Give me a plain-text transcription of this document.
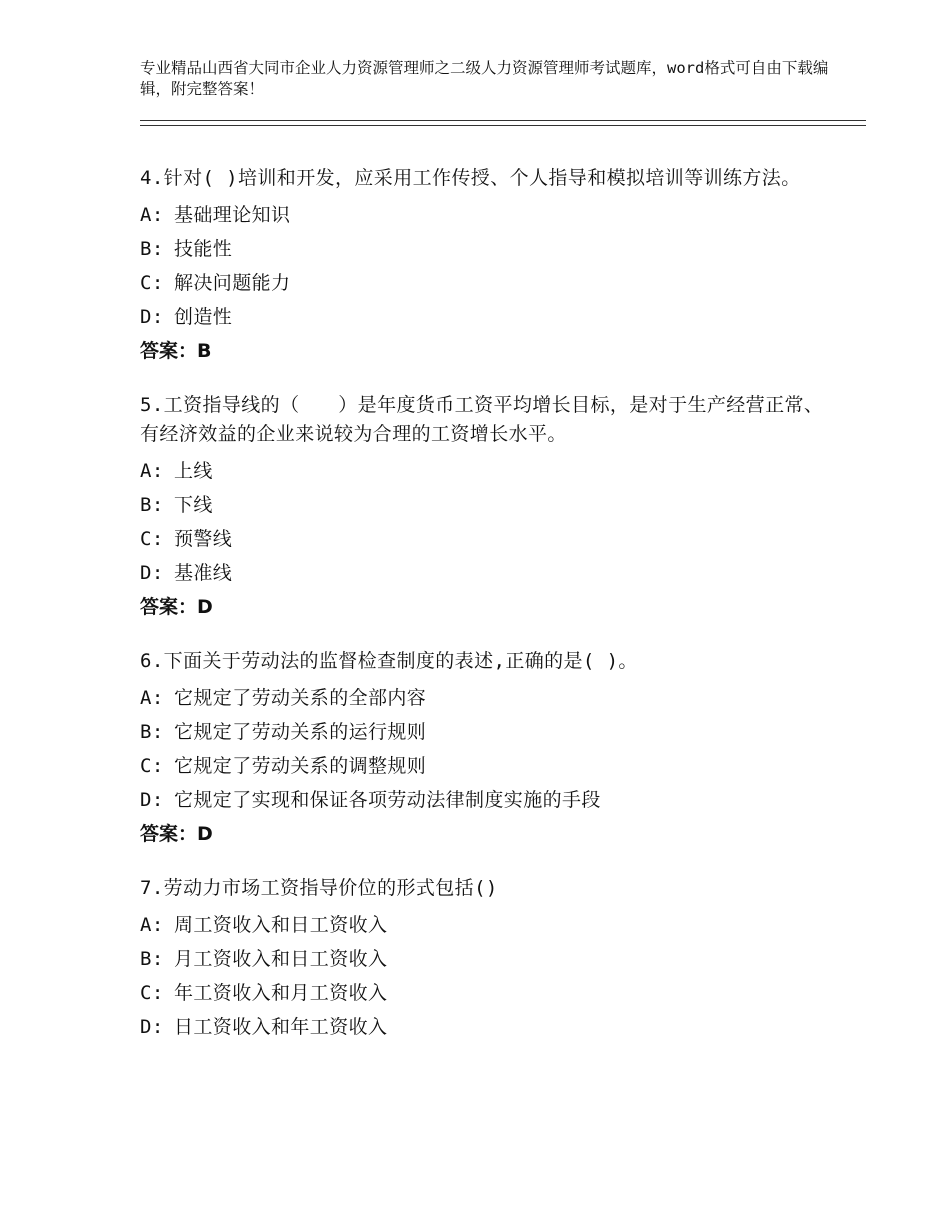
专业精品山西省大同市企业人力资源管理师之二级人力资源管理师考试题库，word格式可自由下载编辑，附完整答案！
4.针对( )培训和开发，应采用工作传授、个人指导和模拟培训等训练方法。
A: 基础理论知识
B: 技能性
C: 解决问题能力
D: 创造性
答案：B
5.工资指导线的（　　）是年度货币工资平均增长目标，是对于生产经营正常、有经济效益的企业来说较为合理的工资增长水平。
A: 上线
B: 下线
C: 预警线
D: 基准线
答案：D
6.下面关于劳动法的监督检查制度的表述,正确的是( )。
A: 它规定了劳动关系的全部内容
B: 它规定了劳动关系的运行规则
C: 它规定了劳动关系的调整规则
D: 它规定了实现和保证各项劳动法律制度实施的手段
答案：D
7.劳动力市场工资指导价位的形式包括()
A: 周工资收入和日工资收入
B: 月工资收入和日工资收入
C: 年工资收入和月工资收入
D: 日工资收入和年工资收入
